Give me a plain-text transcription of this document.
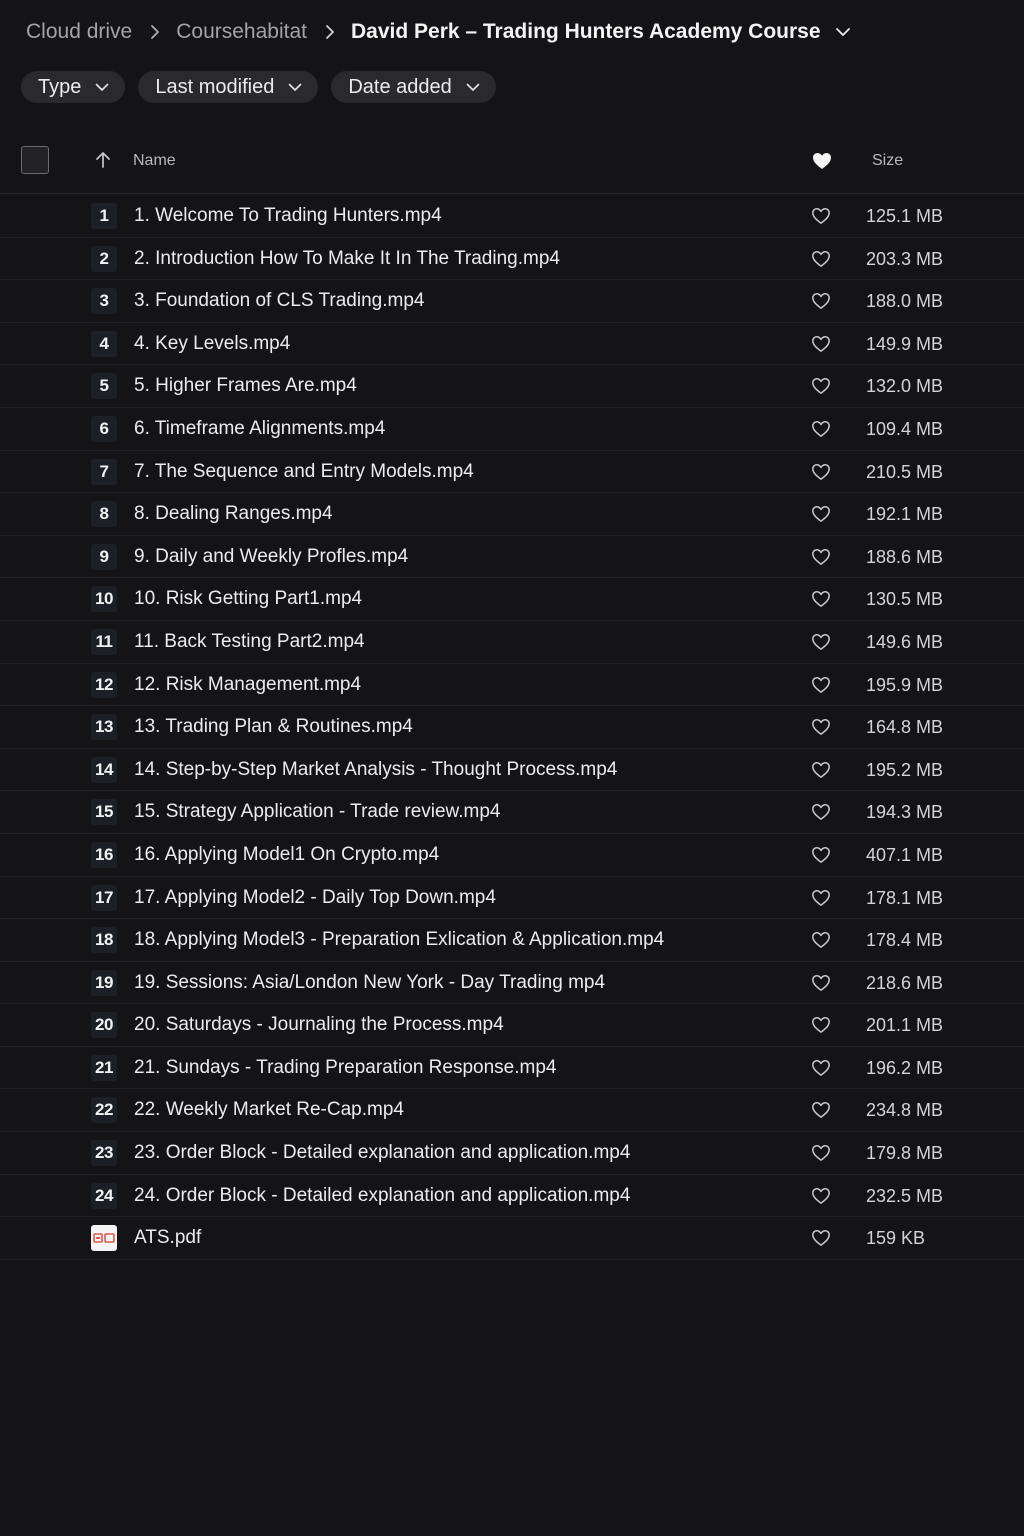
Cloud drive Coursehabitat David Perk – Trading Hunters Academy Course
Type	Last modified	Date added
Name	Size
1	1. Welcome To Trading Hunters.mp4	125.1 MB
2	2. Introduction How To Make It In The Trading.mp4	203.3 MB
3	3. Foundation of CLS Trading.mp4	188.0 MB
4	4. Key Levels.mp4	149.9 MB
5	5. Higher Frames Are.mp4	132.0 MB
6	6. Timeframe Alignments.mp4	109.4 MB
7	7. The Sequence and Entry Models.mp4	210.5 MB
8	8. Dealing Ranges.mp4	192.1 MB
9	9. Daily and Weekly Profles.mp4	188.6 MB
10 10. Risk Getting Part1.mp4	130.5 MB
11 11. Back Testing Part2.mp4	149.6 MB
12 12. Risk Management.mp4	195.9 MB
13 13. Trading Plan & Routines.mp4	164.8 MB
14 14. Step-by-Step Market Analysis - Thought Process.mp4	195.2 MB
15 15. Strategy Application - Trade review.mp4	194.3 MB
16 16. Applying Model1 On Crypto.mp4	407.1 MB
17 17. Applying Model2 - Daily Top Down.mp4	178.1 MB
18 18. Applying Model3 - Preparation Exlication & Application.mp4	178.4 MB
19 19. Sessions: Asia/London New York - Day Trading mp4	218.6 MB
20 20. Saturdays - Journaling the Process.mp4	201.1 MB
21 21. Sundays - Trading Preparation Response.mp4	196.2 MB
22 22. Weekly Market Re-Cap.mp4	234.8 MB
23 23. Order Block - Detailed explanation and application.mp4	179.8 MB
24 24. Order Block - Detailed explanation and application.mp4	232.5 MB
ATS.pdf	159 KB
